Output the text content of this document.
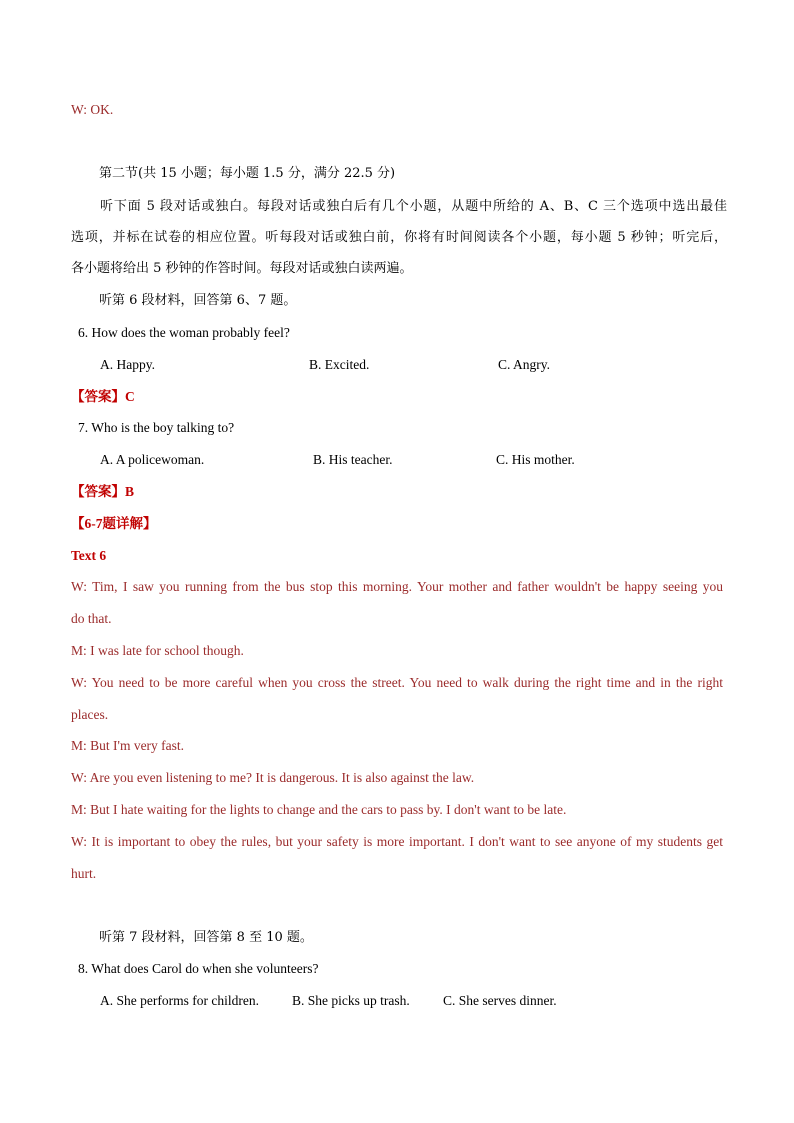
W: OK.
第二节(共 15 小题；每小题 1.5 分，满分 22.5 分)
听下面 5 段对话或独白。每段对话或独白后有几个小题，从题中所给的 A、B、C 三个选项中选出最佳
选项，并标在试卷的相应位置。听每段对话或独白前，你将有时间阅读各个小题，每小题 5 秒钟；听完后，
各小题将给出 5 秒钟的作答时间。每段对话或独白读两遍。
听第 6 段材料，回答第 6、7 题。
6. How does the woman probably feel?
A. Happy.	B. Excited.	C. Angry.
【答案】C
7. Who is the boy talking to?
A. A policewoman.	B. His teacher.	C. His mother.
【答案】B
【6-7题详解】
Text 6
W: Tim, I saw you running from the bus stop this morning. Your mother and father wouldn't be happy seeing you
do that.
M: I was late for school though.
W: You need to be more careful when you cross the street. You need to walk during the right time and in the right
places.
M: But I'm very fast.
W: Are you even listening to me? It is dangerous. It is also against the law.
M: But I hate waiting for the lights to change and the cars to pass by. I don't want to be late.
W: It is important to obey the rules, but your safety is more important. I don't want to see anyone of my students get
hurt.
听第 7 段材料，回答第 8 至 10 题。
8. What does Carol do when she volunteers?
A. She performs for children. B. She picks up trash. C. She serves dinner.
